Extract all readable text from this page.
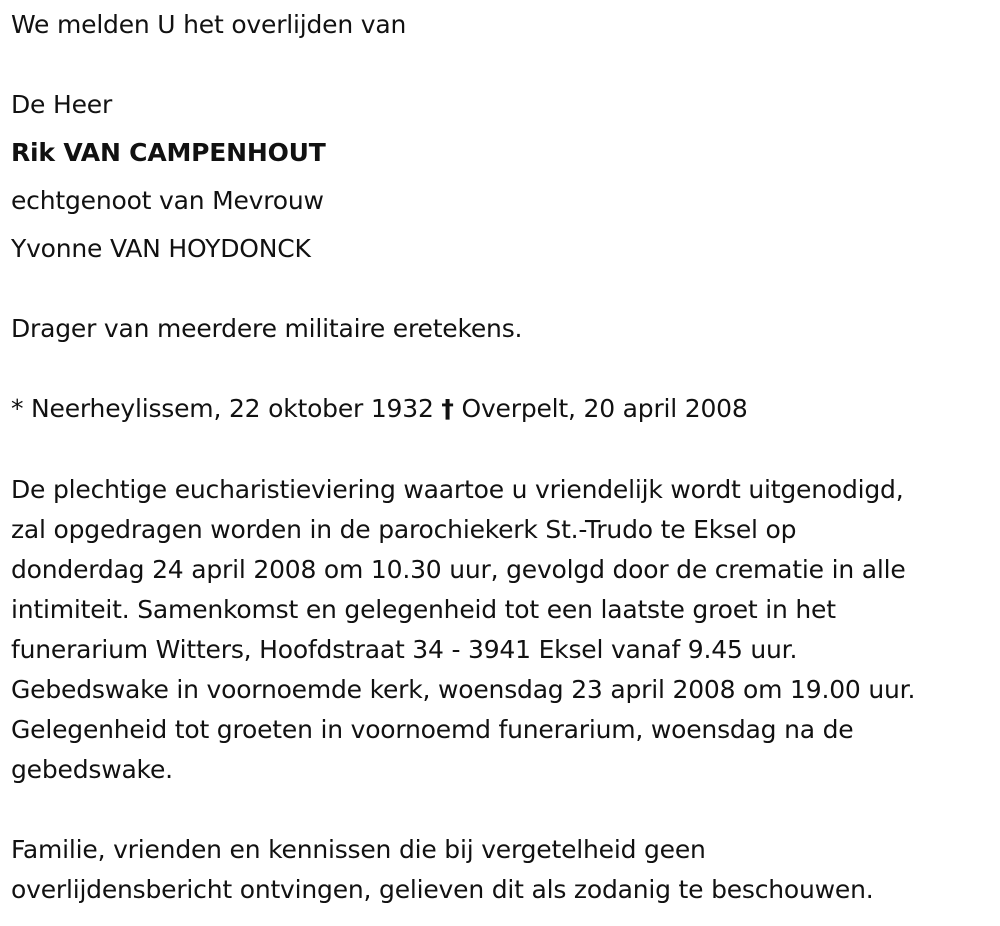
We melden U het overlijden van
De Heer
Rik VAN CAMPENHOUT
echtgenoot van Mevrouw
Yvonne VAN HOYDONCK
Drager van meerdere militaire eretekens.
* Neerheylissem, 22 oktober 1932 † Overpelt, 20 april 2008
De plechtige eucharistieviering waartoe u vriendelijk wordt uitgenodigd,
zal opgedragen worden in de parochiekerk St.-Trudo te Eksel op
donderdag 24 april 2008 om 10.30 uur, gevolgd door de crematie in alle
intimiteit. Samenkomst en gelegenheid tot een laatste groet in het
funerarium Witters, Hoofdstraat 34 - 3941 Eksel vanaf 9.45 uur.
Gebedswake in voornoemde kerk, woensdag 23 april 2008 om 19.00 uur.
Gelegenheid tot groeten in voornoemd funerarium, woensdag na de
gebedswake.
Familie, vrienden en kennissen die bij vergetelheid geen
overlijdensbericht ontvingen, gelieven dit als zodanig te beschouwen.
